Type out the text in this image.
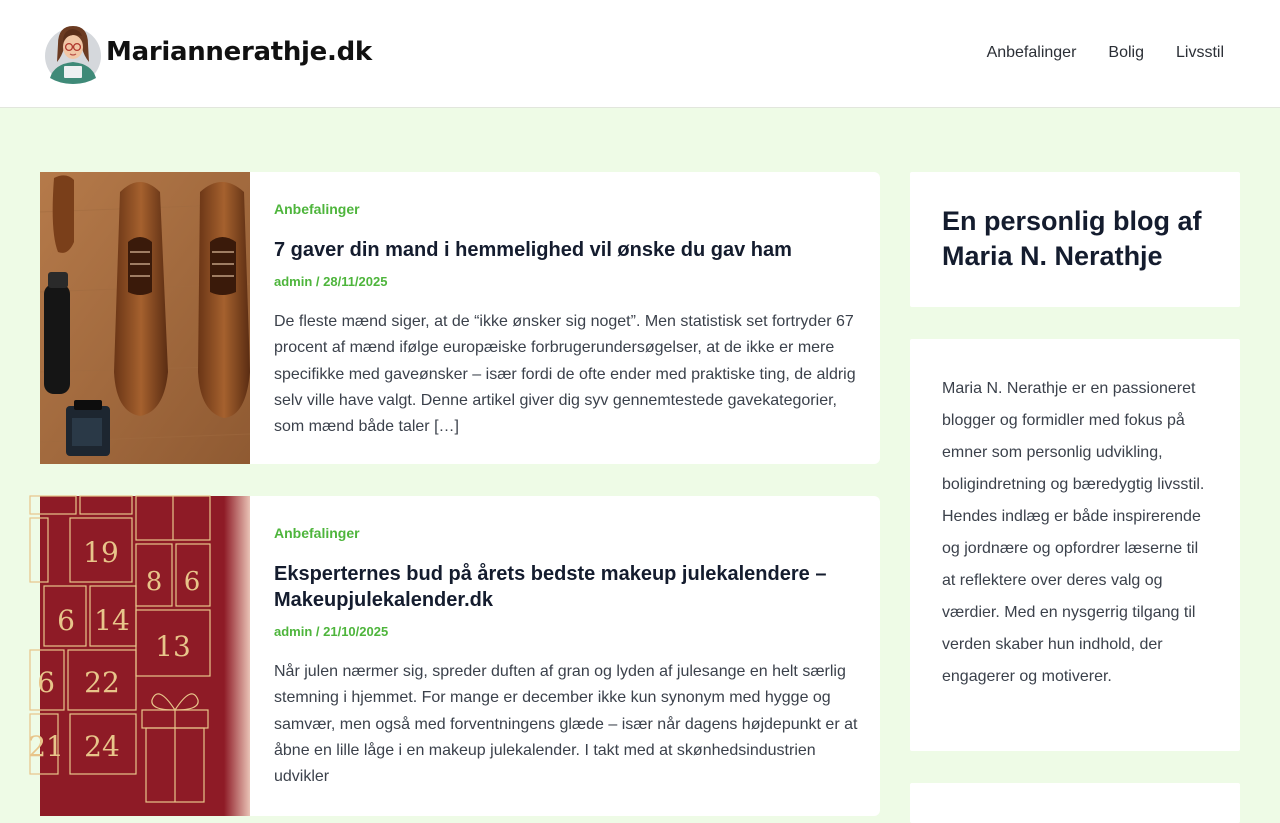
Mariannerathje.dk	Anbefalinger Bolig Livsstil
Anbefalinger
7 gaver din mand i hemmelighed vil ønske du gav ham
admin / 28/11/2025

De fleste mænd siger, at de “ikke ønsker sig noget”. Men statistisk set fortryder 67 procent af mænd ifølge europæiske forbrugerundersøgelser, at de ikke er mere specifikke med gaveønsker – især fordi de ofte ender med praktiske ting, de aldrig selv ville have valgt. Denne artikel giver dig syv gennemtestede gavekategorier, som mænd både taler […]

19
8 6
6 14
13
6 22
21 24
Anbefalinger
Eksperternes bud på årets bedste makeup julekalendere – Makeupjulekalender.dk
admin / 21/10/2025

Når julen nærmer sig, spreder duften af gran og lyden af julesange en helt særlig stemning i hjemmet. For mange er december ikke kun synonym med hygge og samvær, men også med forventningens glæde – især når dagens højdepunkt er at åbne en lille låge i en makeup julekalender. I takt med at skønhedsindustrien udvikler

En personlig blog af Maria N. Nerathje

Maria N. Nerathje er en passioneret blogger og formidler med fokus på emner som personlig udvikling, boligindretning og bæredygtig livsstil. Hendes indlæg er både inspirerende og jordnære og opfordrer læserne til at reflektere over deres valg og værdier. Med en nysgerrig tilgang til verden skaber hun indhold, der engagerer og motiverer.
